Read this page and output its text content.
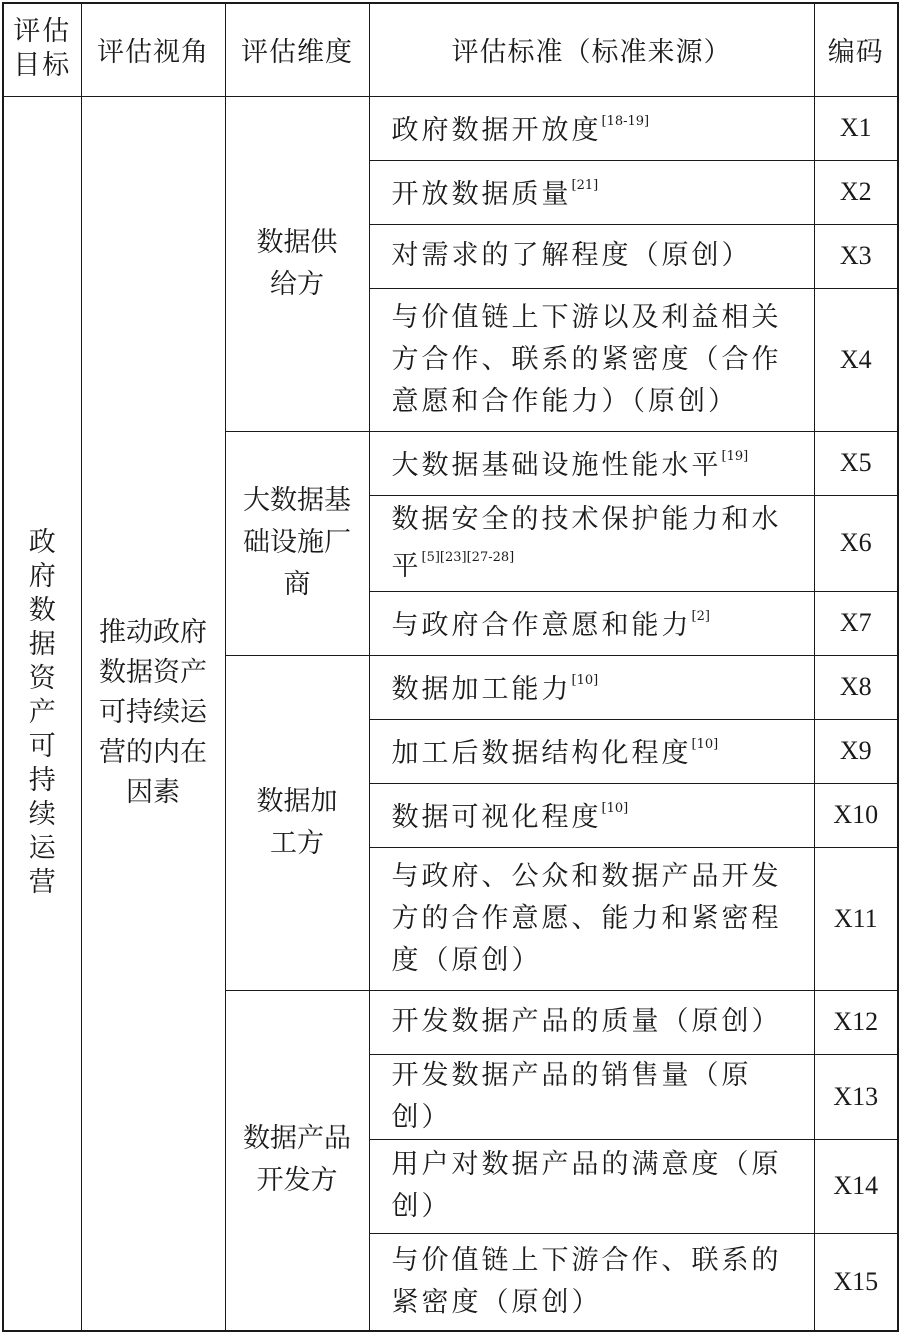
评估目标	评估视角	评估维度	评估标准（标准来源）	编码
政府数据资产可持续运营	推动政府数据资产可持续运营的内在因素	数据供给方	政府数据开放度[18-19]	X1
			开放数据质量[21]	X2
			对需求的了解程度（原创）	X3
			与价值链上下游以及利益相关方合作、联系的紧密度（合作意愿和合作能力）（原创）	X4
		大数据基础设施厂商	大数据基础设施性能水平[19]	X5
			数据安全的技术保护能力和水平[5][23][27-28]	X6
			与政府合作意愿和能力[2]	X7
		数据加工方	数据加工能力[10]	X8
			加工后数据结构化程度[10]	X9
			数据可视化程度[10]	X10
			与政府、公众和数据产品开发方的合作意愿、能力和紧密程度（原创）	X11
		数据产品开发方	开发数据产品的质量（原创）	X12
			开发数据产品的销售量（原创）	X13
			用户对数据产品的满意度（原创）	X14
			与价值链上下游合作、联系的紧密度（原创）	X15
